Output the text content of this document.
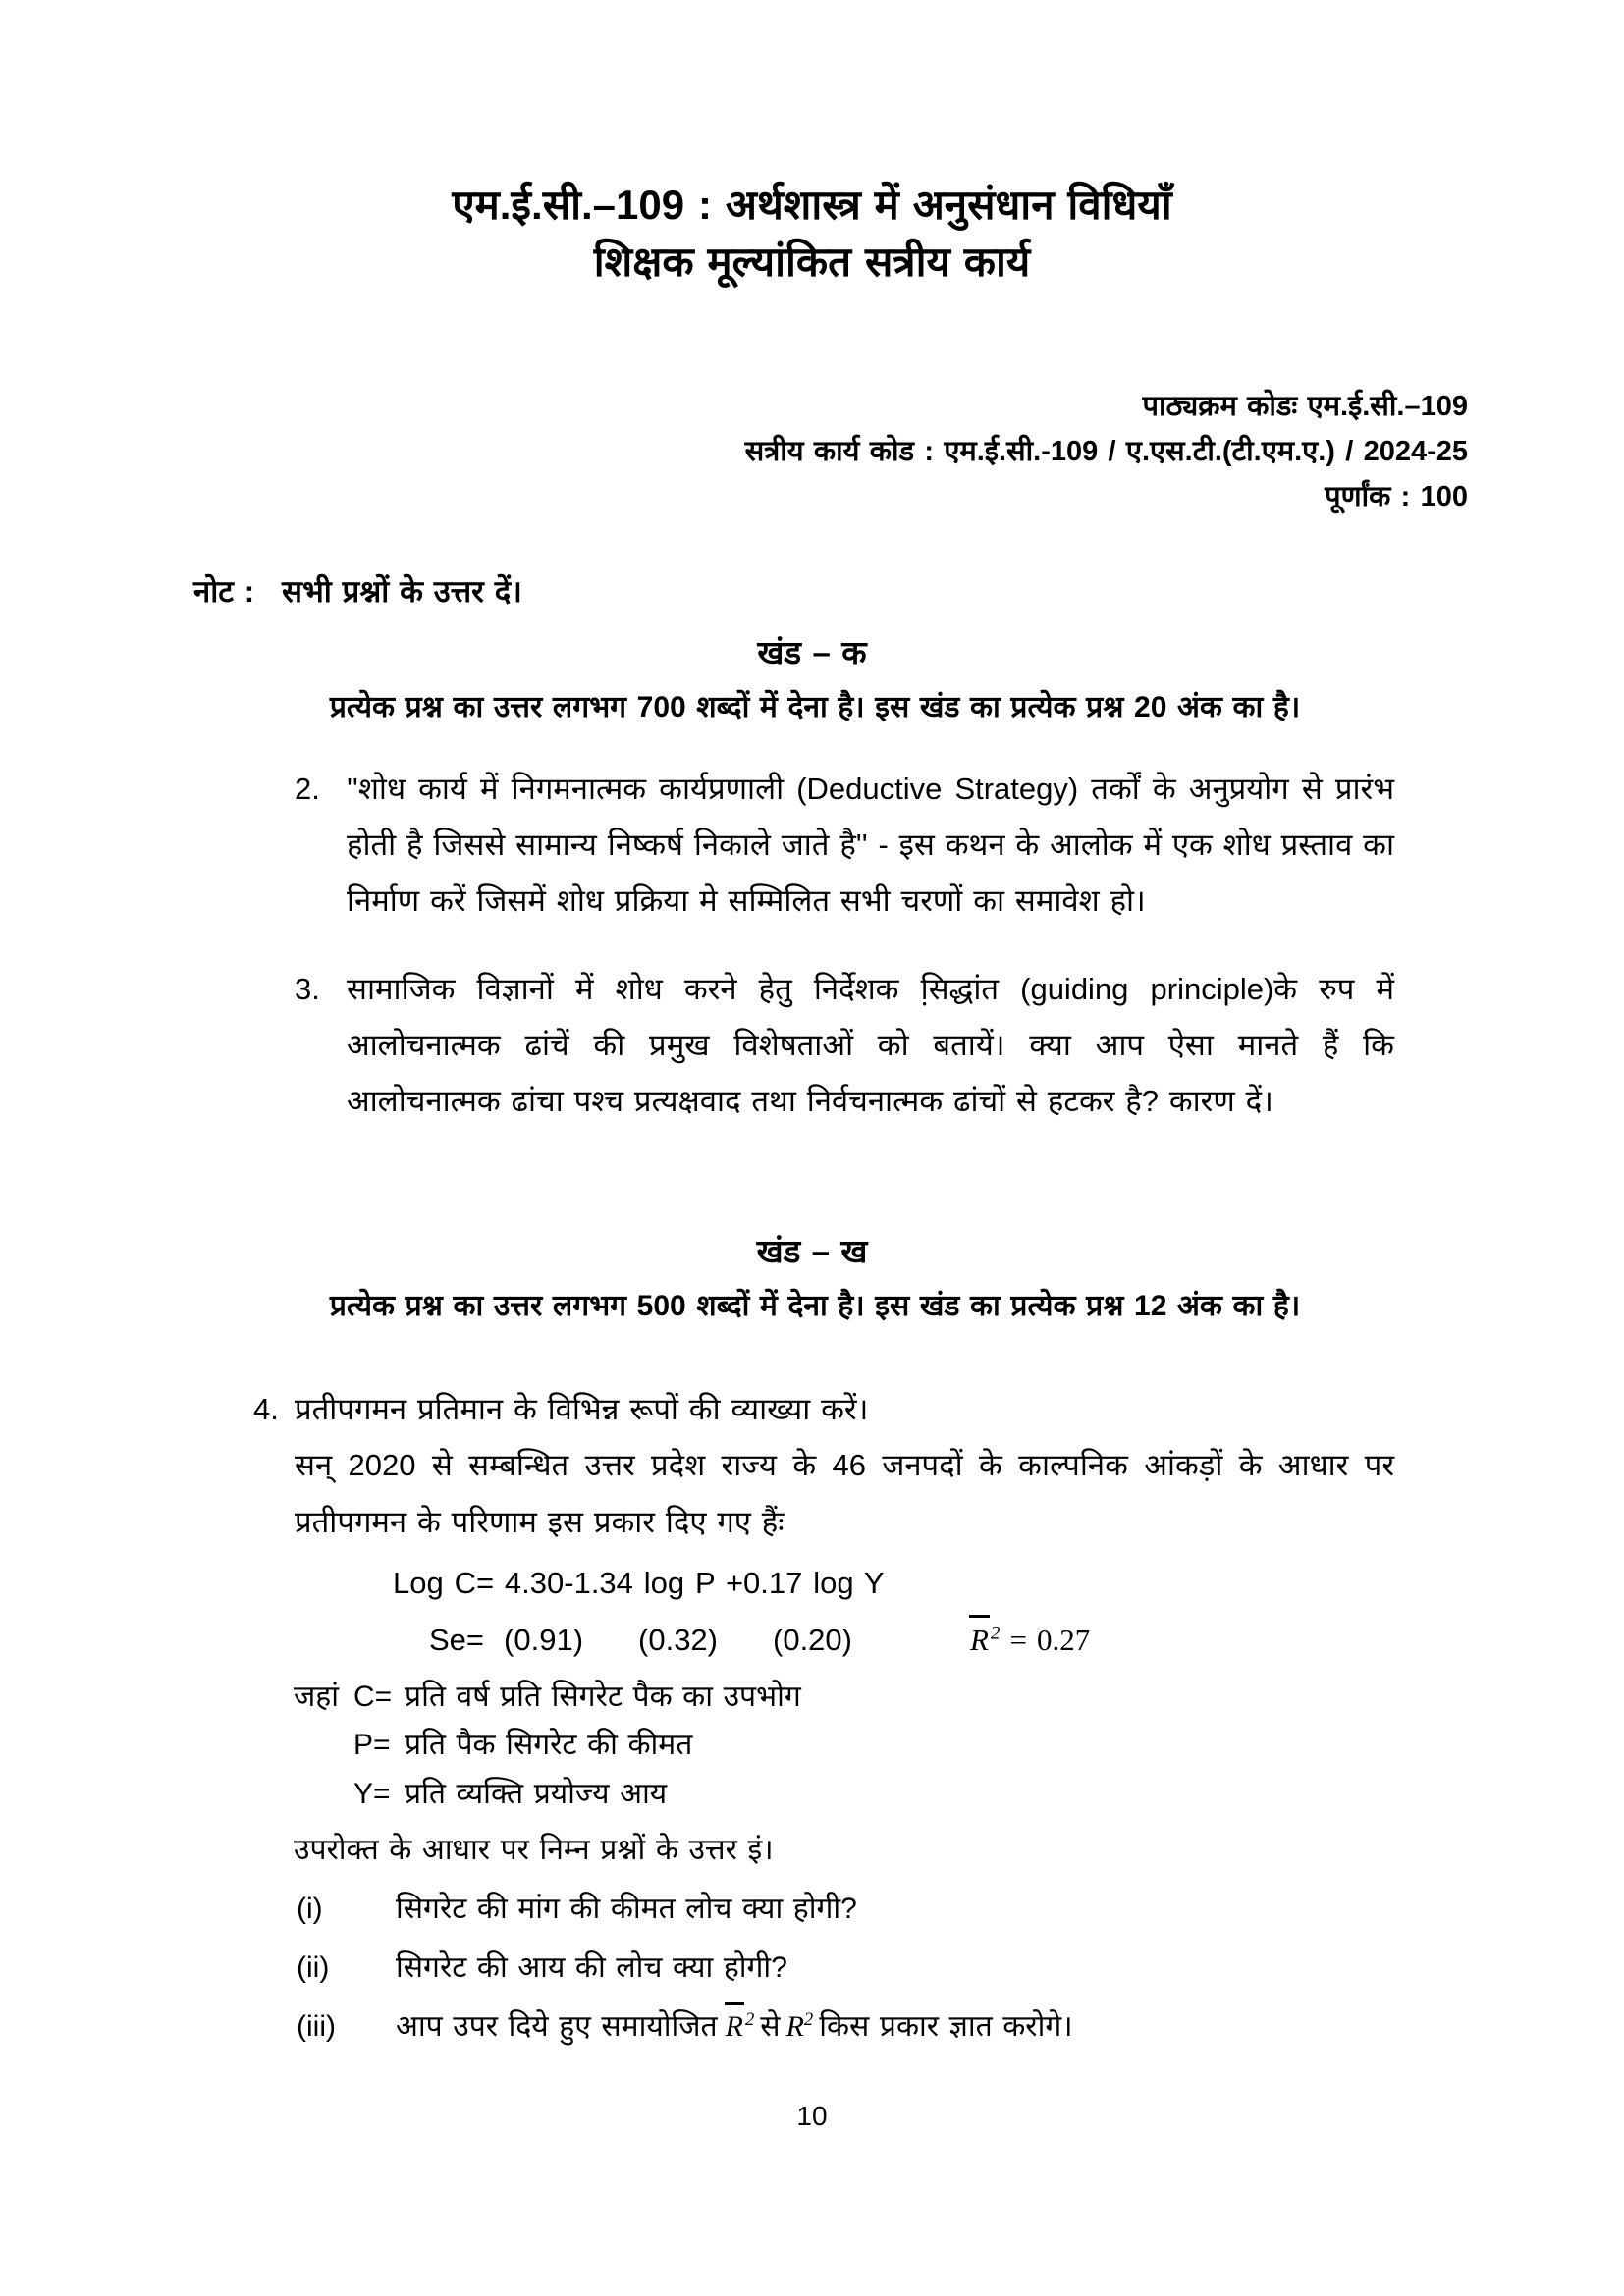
एम.ई.सी.–109 : अर्थशास्त्र में अनुसंधान विधियाँ
शिक्षक मूल्यांकित सत्रीय कार्य
पाठ्यक्रम कोडः एम.ई.सी.–109
सत्रीय कार्य कोड : एम.ई.सी.-109 / ए.एस.टी.(टी.एम.ए.) / 2024-25
पूर्णांक : 100
नोट : सभी प्रश्नों के उत्तर दें।
खंड – क
प्रत्येक प्रश्न का उत्तर लगभग 700 शब्दों में देना है। इस खंड का प्रत्येक प्रश्न 20 अंक का है।
2. ''शोध कार्य में निगमनात्मक कार्यप्रणाली (Deductive Strategy) तर्कों के अनुप्रयोग से प्रारंभ होती है जिससे सामान्य निष्कर्ष निकाले जाते है'' - इस कथन के आलोक में एक शोध प्रस्ताव का निर्माण करें जिसमें शोध प्रक्रिया मे सम्मिलित सभी चरणों का समावेश हो।
3. सामाजिक विज्ञानों में शोध करने हेतु निर्देशक सि़द्धांत (guiding principle)के रुप में आलोचनात्मक ढांचें की प्रमुख विशेषताओं को बतायें। क्या आप ऐसा मानते हैं कि आलोचनात्मक ढांचा पश्च प्रत्यक्षवाद तथा निर्वचनात्मक ढांचों से हटकर है? कारण दें।
खंड – ख
प्रत्येक प्रश्न का उत्तर लगभग 500 शब्दों में देना है। इस खंड का प्रत्येक प्रश्न 12 अंक का है।
4. प्रतीपगमन प्रतिमान के विभिन्न रूपों की व्याख्या करें।
सन् 2020 से सम्बन्धित उत्तर प्रदेश राज्य के 46 जनपदों के काल्पनिक आंकड़ों के आधार पर प्रतीपगमन के परिणाम इस प्रकार दिए गए हैंः
Log C= 4.30-1.34 log P +0.17 log Y
Se= (0.91) (0.32) (0.20)	R $^2$ = 0.27
जहां C= प्रति वर्ष प्रति सिगरेट पैक का उपभोग
P= प्रति पैक सिगरेट की कीमत
Y= प्रति व्यक्ति प्रयोज्य आय
उपरोक्त के आधार पर निम्न प्रश्नों के उत्तर इं।
(i)	सिगरेट की मांग की कीमत लोच क्या होगी?
(ii)	सिगरेट की आय की लोच क्या होगी?
(iii)	आप उपर दिये हुए समायोजित R $^2$ से $R^2$ किस प्रकार ज्ञात करोगे।
10
